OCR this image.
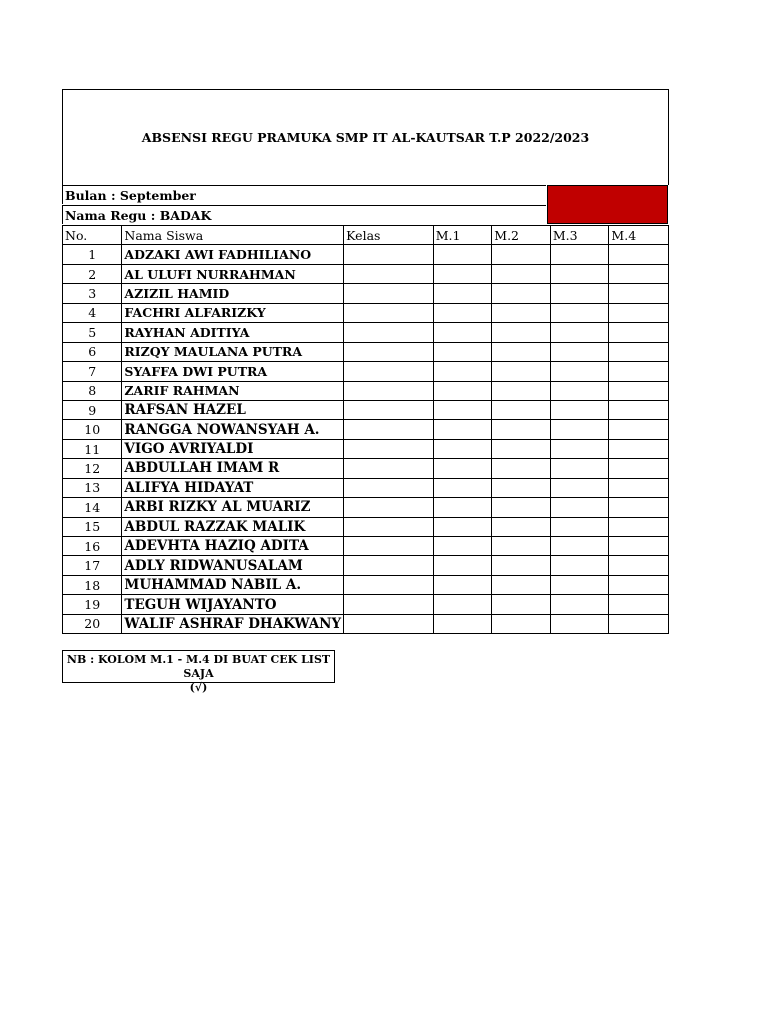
ABSENSI REGU PRAMUKA SMP IT AL-KAUTSAR T.P 2022/2023
Bulan : September
Nama Regu : BADAK
No.	Nama Siswa	Kelas	M.1	M.2	M.3	M.4
1	ADZAKI AWI FADHILIANO					
2	AL ULUFI NURRAHMAN					
3	AZIZIL HAMID					
4	FACHRI ALFARIZKY					
5	RAYHAN ADITIYA					
6	RIZQY MAULANA PUTRA					
7	SYAFFA DWI PUTRA					
8	ZARIF RAHMAN					
9	RAFSAN HAZEL					
10	RANGGA NOWANSYAH A.					
11	VIGO AVRIYALDI					
12	ABDULLAH IMAM R					
13	ALIFYA HIDAYAT					
14	ARBI RIZKY AL MUARIZ					
15	ABDUL RAZZAK MALIK					
16	ADEVHTA HAZIQ ADITA					
17	ADLY RIDWANUSALAM					
18	MUHAMMAD NABIL A.					
19	TEGUH WIJAYANTO					
20	WALIF ASHRAF DHAKWANY					
NB : KOLOM M.1 - M.4 DI BUAT CEK LIST SAJA
(√)
